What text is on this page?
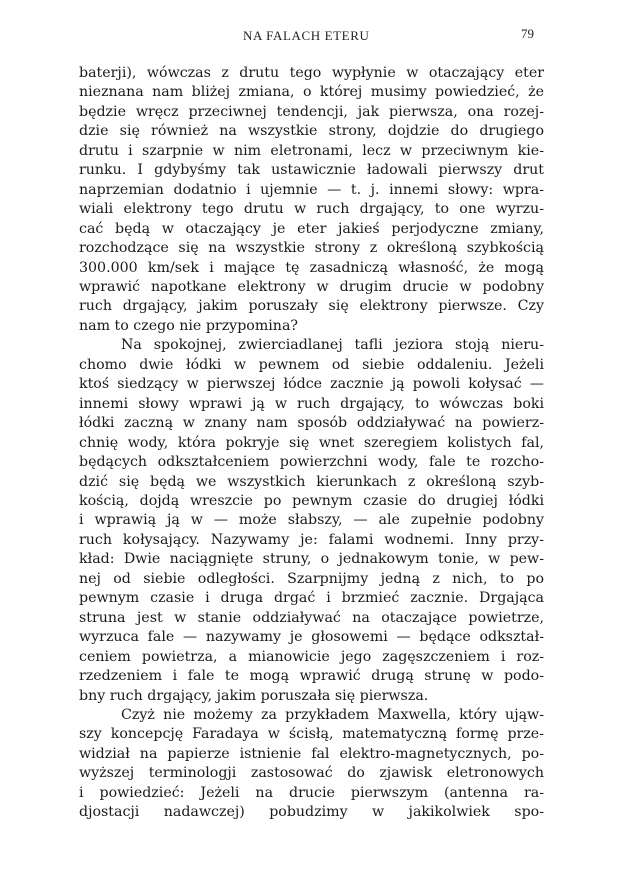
NA FALACH ETERU	79

baterji), wówczas z drutu tego wypłynie w otaczający eter
nieznana nam bliżej zmiana, o której musimy powiedzieć, że
będzie wręcz przeciwnej tendencji, jak pierwsza, ona rozej-
dzie się również na wszystkie strony, dojdzie do drugiego
drutu i szarpnie w nim eletronami, lecz w przeciwnym kie-
runku. I gdybyśmy tak ustawicznie ładowali pierwszy drut
naprzemian dodatnio i ujemnie — t. j. innemi słowy: wpra-
wiali elektrony tego drutu w ruch drgający, to one wyrzu-
cać będą w otaczający je eter jakieś perjodyczne zmiany,
rozchodzące się na wszystkie strony z określoną szybkością
300.000 km/sek i mające tę zasadniczą własność, że mogą
wprawić napotkane elektrony w drugim drucie w podobny
ruch drgający, jakim poruszały się elektrony pierwsze. Czy
nam to czego nie przypomina?

Na spokojnej, zwierciadlanej tafli jeziora stoją nieru-
chomo dwie łódki w pewnem od siebie oddaleniu. Jeżeli
ktoś siedzący w pierwszej łódce zacznie ją powoli kołysać —
innemi słowy wprawi ją w ruch drgający, to wówczas boki
łódki zaczną w znany nam sposób oddziaływać na powierz-
chnię wody, która pokryje się wnet szeregiem kolistych fal,
będących odkształceniem powierzchni wody, fale te rozcho-
dzić się będą we wszystkich kierunkach z określoną szyb-
kością, dojdą wreszcie po pewnym czasie do drugiej łódki
i wprawią ją w — może słabszy, — ale zupełnie podobny
ruch kołysający. Nazywamy je: falami wodnemi. Inny przy-
kład: Dwie naciągnięte struny, o jednakowym tonie, w pew-
nej od siebie odległości. Szarpnijmy jedną z nich, to po
pewnym czasie i druga drgać i brzmieć zacznie. Drgająca
struna jest w stanie oddziaływać na otaczające powietrze,
wyrzuca fale — nazywamy je głosowemi — będące odkształ-
ceniem powietrza, a mianowicie jego zagęszczeniem i roz-
rzedzeniem i fale te mogą wprawić drugą strunę w podo-
bny ruch drgający, jakim poruszała się pierwsza.

Czyż nie możemy za przykładem Maxwella, który ująw-
szy koncepcję Faradaya w ścisłą, matematyczną formę prze-
widział na papierze istnienie fal elektro-magnetycznych, po-
wyższej terminologji zastosować do zjawisk eletronowych
i powiedzieć: Jeżeli na drucie pierwszym (antenna ra-
djostacji nadawczej) pobudzimy w jakikolwiek spo-
